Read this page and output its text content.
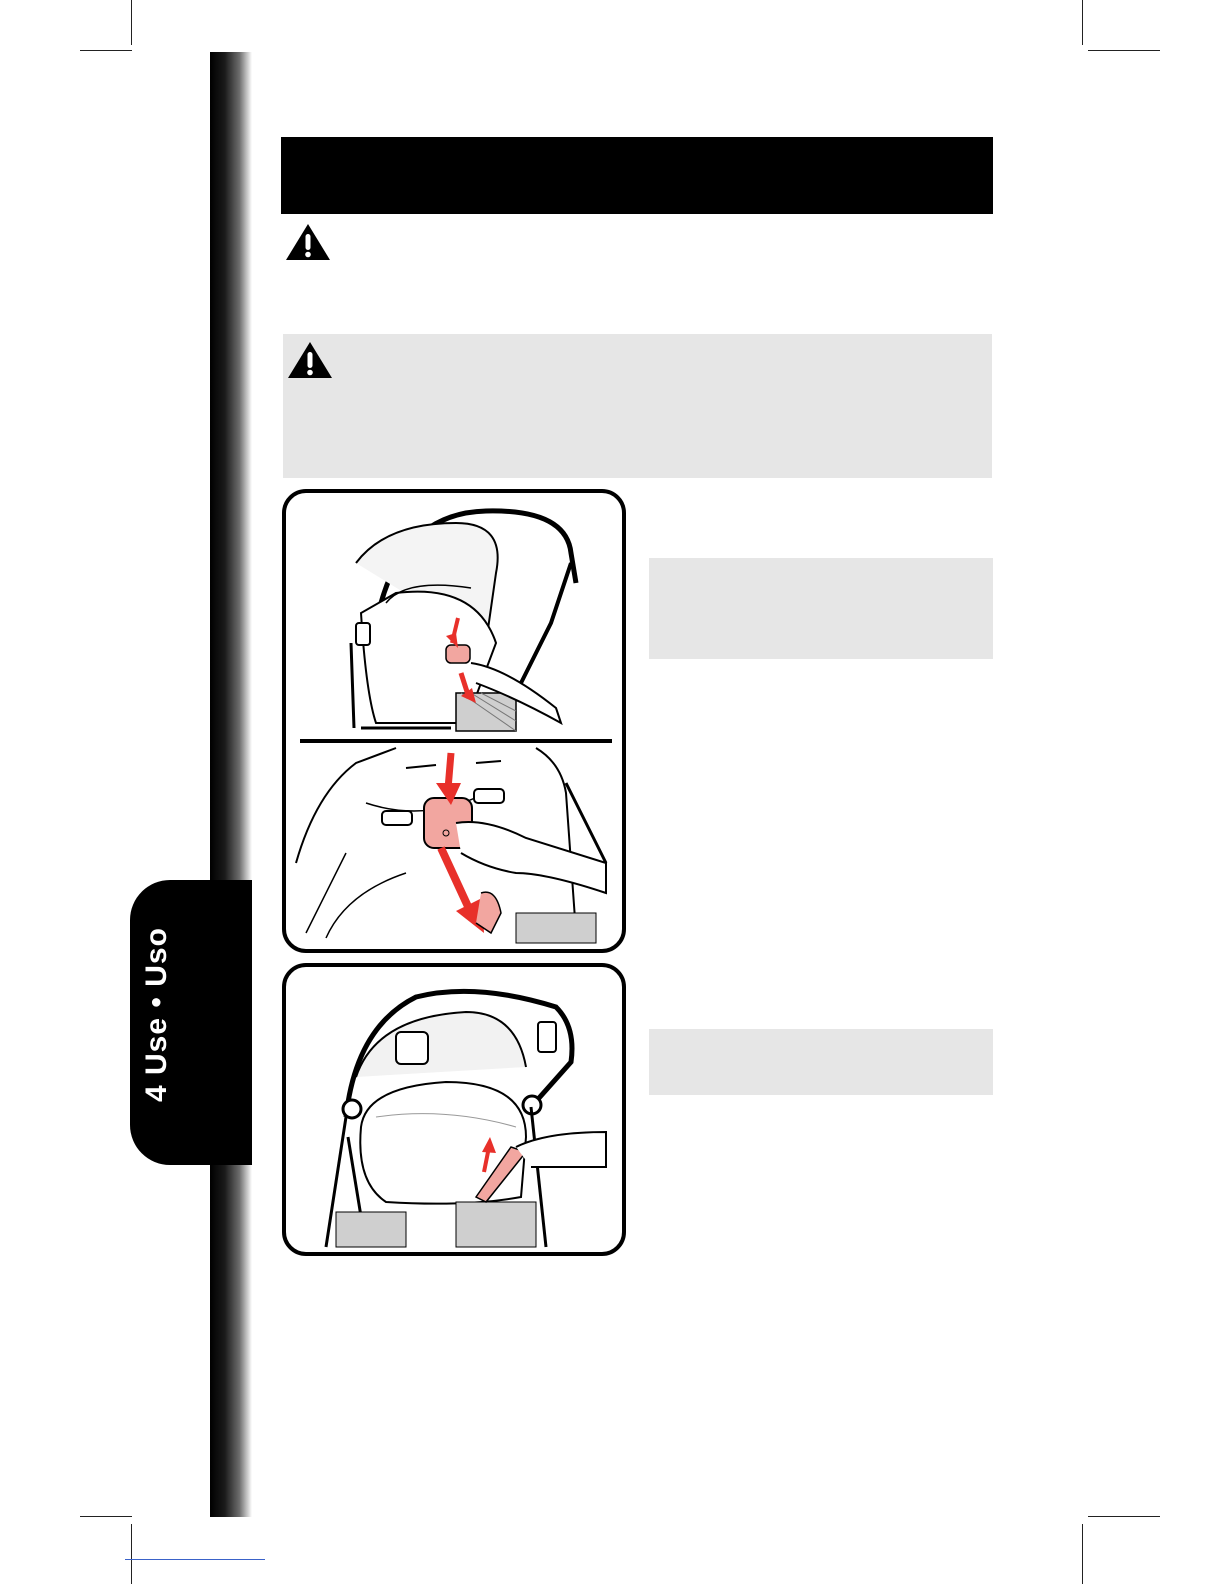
4 Use • Uso
